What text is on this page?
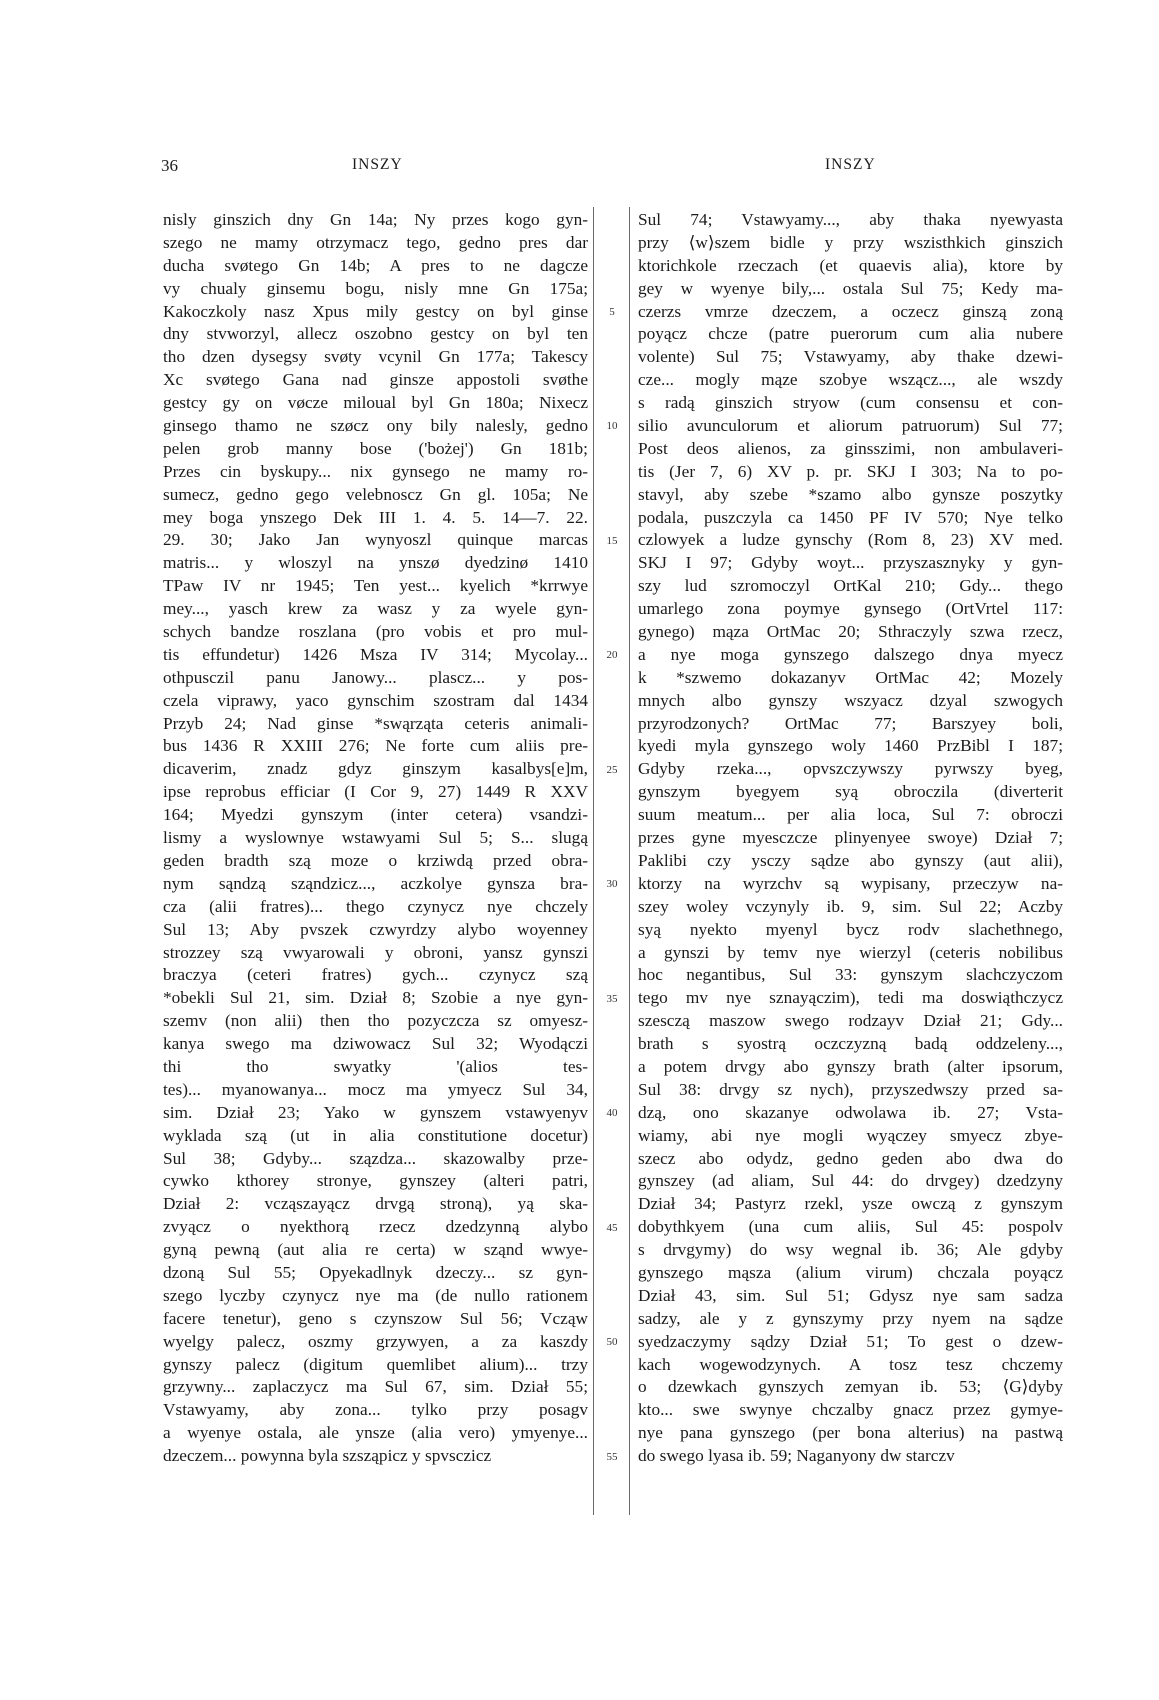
36	INSZY	INSZY
nisly ginszich dny Gn 14a; Ny przes kogo gyn-
szego ne mamy otrzymacz tego, gedno pres dar
ducha svøtego Gn 14b; A pres to ne dagcze
vy chualy ginsemu bogu, nisly mne Gn 175a;
Kakoczkoly nasz Xpus mily gestcy on byl ginse
dny stvworzyl, allecz oszobno gestcy on byl ten
tho dzen dysegsy svøty vcynil Gn 177a; Takescy
Xc svøtego Gana nad ginsze appostoli svøthe
gestcy gy on vøcze miloual byl Gn 180a; Nixecz
ginsego thamo ne szøcz ony bily nalesly, gedno
pelen grob manny bose ('bożej') Gn 181b;
Przes cin byskupy... nix gynsego ne mamy ro-
sumecz, gedno gego velebnoscz Gn gl. 105a; Ne
mey boga ynszego Dek III 1. 4. 5. 14—7. 22.
29. 30; Jako Jan wynyoszl quinque marcas
matris... y wloszyl na ynszø dyedzinø 1410
TPaw IV nr 1945; Ten yest... kyelich *krrwye
mey..., yasch krew za wasz y za wyele gyn-
schych bandze roszlana (pro vobis et pro mul-
tis effundetur) 1426 Msza IV 314; Mycolay...
othpusczil panu Janowy... plascz... y pos-
czela viprawy, yaco gynschim szostram dal 1434
Przyb 24; Nad ginse *swąrząta ceteris animali-
bus 1436 R XXIII 276; Ne forte cum aliis pre-
dicaverim, znadz gdyz ginszym kasalbys[e]m,
ipse reprobus efficiar (I Cor 9, 27) 1449 R XXV
164; Myedzi gynszym (inter cetera) vsandzi-
lismy a wyslownye wstawyami Sul 5; S... slugą
geden bradth szą moze o krziwdą przed obra-
nym sąndzą sząndzicz..., aczkolye gynsza bra-
cza (alii fratres)... thego czynycz nye chczely
Sul 13; Aby pvszek czwyrdzy alybo woyenney
strozzey szą vwyarowali y obroni, yansz gynszi
braczya (ceteri fratres) gych... czynycz szą
*obekli Sul 21, sim. Dział 8; Szobie a nye gyn-
szemv (non alii) then tho pozyczcza sz omyesz-
kanya swego ma dziwowacz Sul 32; Wyodączi
thi tho swyatky '(alios tes-
tes)... myanowanya... mocz ma ymyecz Sul 34,
sim. Dział 23; Yako w gynszem vstawyenyv
wyklada szą (ut in alia constitutione docetur)
Sul 38; Gdyby... szązdza... skazowalby prze-
cywko kthorey stronye, gynszey (alteri patri,
Dział 2: vcząszayącz drvgą stroną), yą ska-
zvyącz o nyekthorą rzecz dzedzynną alybo
gyną pewną (aut alia re certa) w sząnd wwye-
dzoną Sul 55; Opyekadlnyk dzeczy... sz gyn-
szego lyczby czynycz nye ma (de nullo rationem
facere tenetur), geno s czynszow Sul 56; Vcząw
wyelgy palecz, oszmy grzywyen, a za kaszdy
gynszy palecz (digitum quemlibet alium)... trzy
grzywny... zaplaczycz ma Sul 67, sim. Dział 55;
Vstawyamy, aby zona... tylko przy posagv
a wyenye ostala, ale ynsze (alia vero) ymyenye...
dzeczem... powynna byla szsząpicz y spvsczicz
Sul 74; Vstawyamy..., aby thaka nyewyasta
przy ⟨w⟩szem bidle y przy wszisthkich ginszich
ktorichkole rzeczach (et quaevis alia), ktore by
gey w wyenye bily,... ostala Sul 75; Kedy ma-
czerzs vmrze dzeczem, a oczecz ginszą zoną
poyącz chcze (patre puerorum cum alia nubere
volente) Sul 75; Vstawyamy, aby thake dzewi-
cze... mogly mąze szobye wsząсz..., ale wszdy
s radą ginszich stryow (cum consensu et con-
silio avunculorum et aliorum patruorum) Sul 77;
Post deos alienos, za ginsszimi, non ambulaveri-
tis (Jer 7, 6) XV p. pr. SKJ I 303; Na to po-
stavyl, aby szebe *szamo albo gynsze poszytky
podala, puszczyla ca 1450 PF IV 570; Nye telko
czlowyek a ludze gynschy (Rom 8, 23) XV med.
SKJ I 97; Gdyby woyt... przyszasznyky y gyn-
szy lud szromoczyl OrtKal 210; Gdy... thego
umarlego zona poymye gynsego (OrtVrtel 117:
gynego) mąza OrtMac 20; Sthraczyly szwa rzecz,
a nye moga gynszego dalszego dnya myecz
k *szwemo dokazanyv OrtMac 42; Mozely
mnych albo gynszy wszyacz dzyal szwogych
przyrodzonych? OrtMac 77; Barszyey boli,
kyedi myla gynszego woly 1460 PrzBibl I 187;
Gdyby rzeka..., opvszczywszy pyrwszy byeg,
gynszym byegyem syą obroczila (diverterit
suum meatum... per alia loca, Sul 7: obroczi
przes gyne myesczcze plinyenyee swoye) Dział 7;
Paklibi czy ysczy sądze abo gynszy (aut alii),
ktorzy na wyrzchv są wypisany, przeczyw na-
szey woley vczynyly ib. 9, sim. Sul 22; Aczby
syą nyekto myenyl bycz rodv slachethnego,
a gynszi by temv nye wierzyl (ceteris nobilibus
hoc negantibus, Sul 33: gynszym slachczyczom
tego mv nye sznayączim), tedi ma doswiąthczycz
szesczą maszow swego rodzayv Dział 21; Gdy...
brath s syostrą oczczyzną badą oddzeleny...,
a potem drvgy abo gynszy brath (alter ipsorum,
Sul 38: drvgy sz nych), przyszedwszy przed sa-
dzą, ono skazanye odwolawa ib. 27; Vsta-
wiamy, abi nye mogli wyączey smyecz zbye-
szecz abo odydz, gedno geden abo dwa do
gynszey (ad aliam, Sul 44: do drvgey) dzedzyny
Dział 34; Pastyrz rzekl, ysze owczą z gynszym
dobythkyem (una cum aliis, Sul 45: pospolv
s drvgymy) do wsy wegnal ib. 36; Ale gdyby
gynszego mąsza (alium virum) chczala poyącz
Dział 43, sim. Sul 51; Gdysz nye sam sadza
sadzy, ale y z gynszymy przy nyem na sądze
syedzaczymy sądzy Dział 51; To gest o dzew-
kach wogewodzynych. A tosz tesz chczemy
o dzewkach gynszych zemyan ib. 53; ⟨G⟩dyby
kto... swe swynye chczalby gnacz przez gymye-
nye pana gynszego (per bona alterius) na pastwą
do swego lyasa ib. 59; Naganyony dw starczv
5
10
15
20
25
30
35
40
45
50
55
